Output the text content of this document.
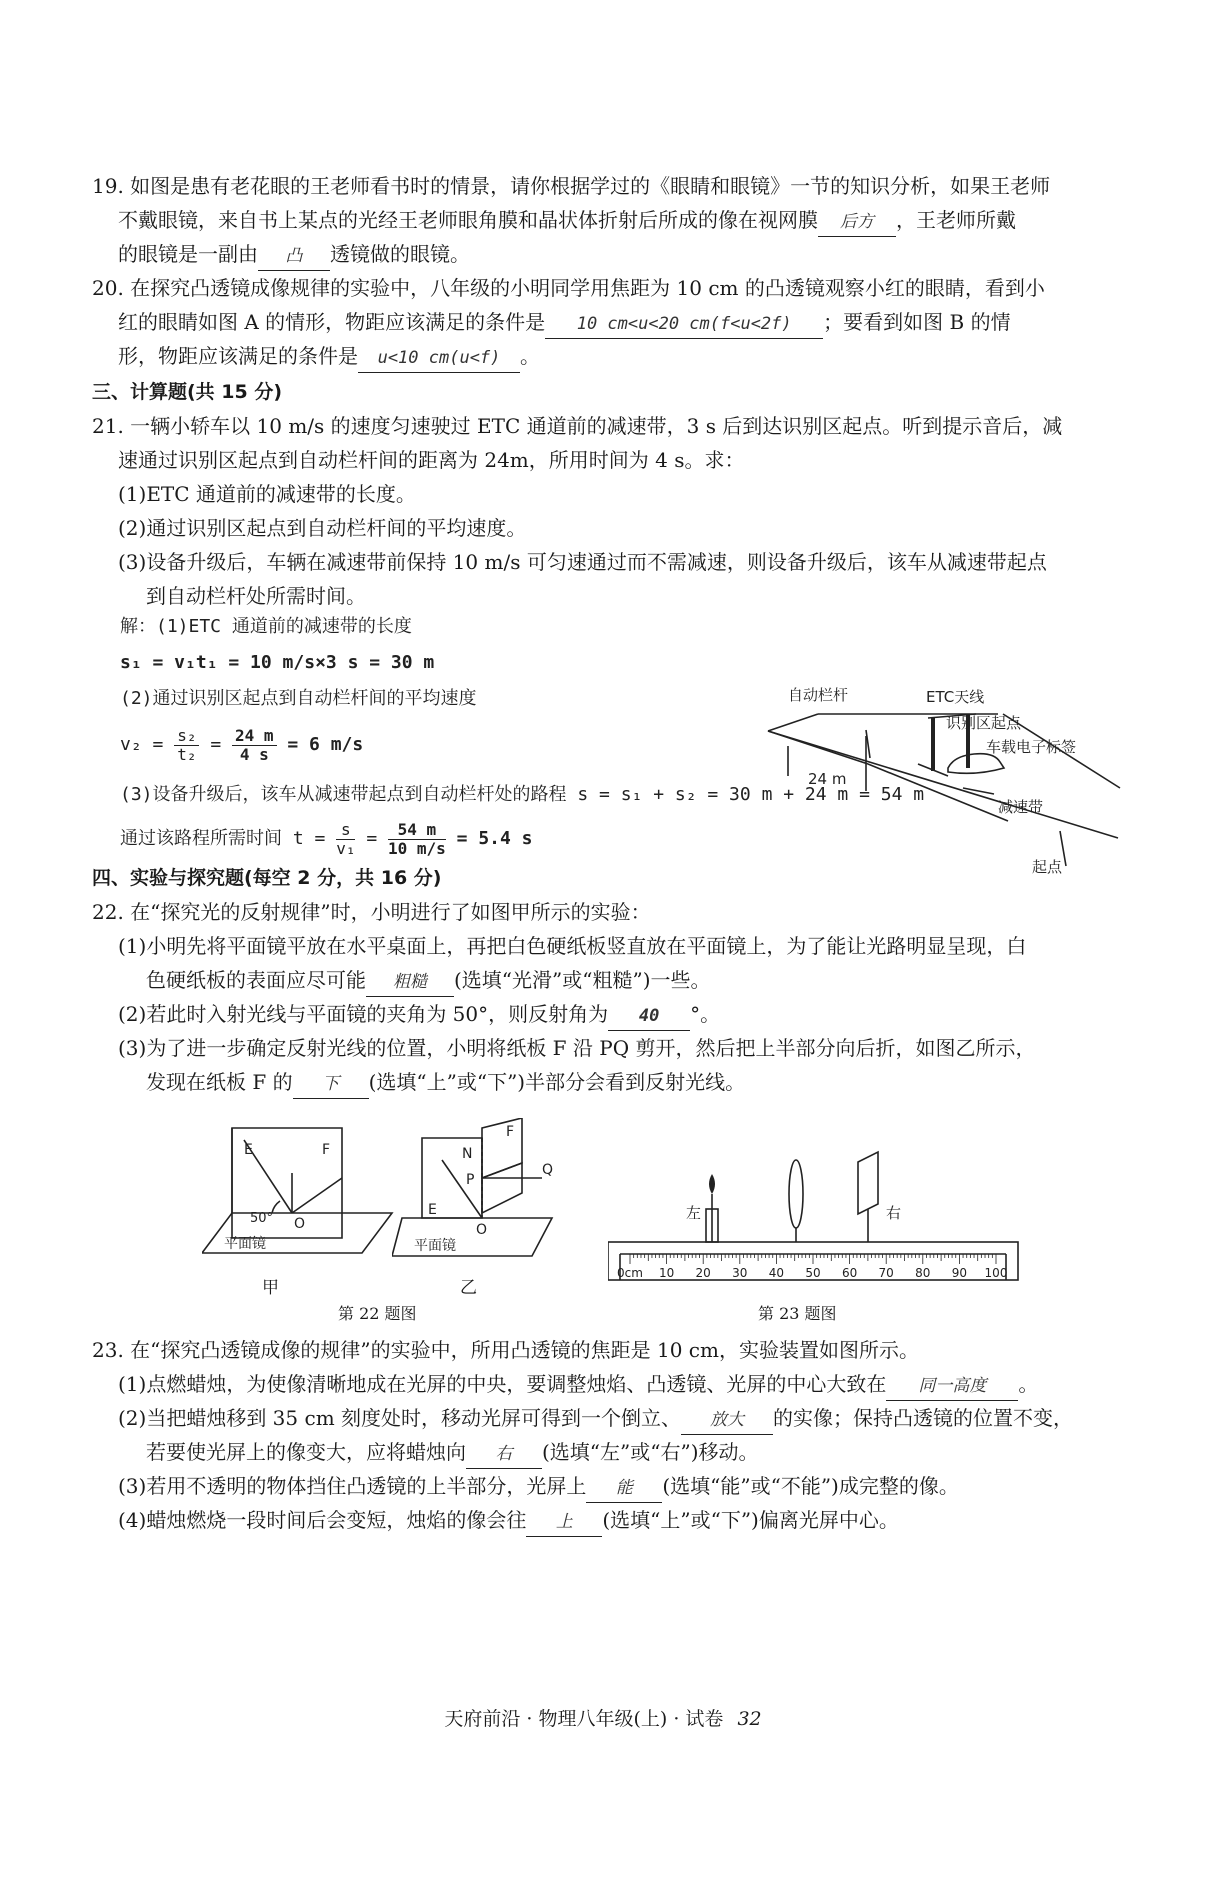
19. 如图是患有老花眼的王老师看书时的情景，请你根据学过的《眼睛和眼镜》一节的知识分析，如果王老师
不戴眼镜，来自书上某点的光经王老师眼角膜和晶状体折射后所成的像在视网膜 后方 ，王老师所戴
的眼镜是一副由 凸 透镜做的眼镜。
20. 在探究凸透镜成像规律的实验中，八年级的小明同学用焦距为 10 cm 的凸透镜观察小红的眼睛，看到小
红的眼睛如图 A 的情形，物距应该满足的条件是 10 cm<u<20 cm(f<u<2f) ；要看到如图 B 的情
形，物距应该满足的条件是 u<10 cm(u<f) 。
三、计算题(共 15 分)
21. 一辆小轿车以 10 m/s 的速度匀速驶过 ETC 通道前的减速带，3 s 后到达识别区起点。听到提示音后，减
速通过识别区起点到自动栏杆间的距离为 24m，所用时间为 4 s。求：
(1)ETC 通道前的减速带的长度。
(2)通过识别区起点到自动栏杆间的平均速度。
(3)设备升级后，车辆在减速带前保持 10 m/s 可匀速通过而不需减速，则设备升级后，该车从减速带起点
到自动栏杆处所需时间。
解：(1)ETC 通道前的减速带的长度
s₁ = v₁t₁ = 10 m/s×3 s = 30 m
(2)通过识别区起点到自动栏杆间的平均速度
$v_2 = \frac{\text{s₂}}{\text{t₂}} = \frac{24 m}{4 s} = 6$ m/s
(3)设备升级后，该车从减速带起点到自动栏杆处的路程 s = s₁ + s₂ = 30 m + 24 m = 54 m
通过该路程所需时间 $t = \frac{s}{\text{v₁}} = \frac{54 m}{10 m/s} = 5.4$ s
自动栏杆	ETC天线
识别区起点
车载电子标签
24 m
减速带
起点
四、实验与探究题(每空 2 分，共 16 分)
22. 在“探究光的反射规律”时，小明进行了如图甲所示的实验：
(1)小明先将平面镜平放在水平桌面上，再把白色硬纸板竖直放在平面镜上，为了能让光路明显呈现，白
色硬纸板的表面应尽可能 粗糙 (选填“光滑”或“粗糙”)一些。
(2)若此时入射光线与平面镜的夹角为 50°，则反射角为 40 °。
(3)为了进一步确定反射光线的位置，小明将纸板 F 沿 PQ 剪开，然后把上半部分向后折，如图乙所示，
发现在纸板 F 的 下 (选填“上”或“下”)半部分会看到反射光线。
E	F
50° O
平面镜
甲
E
F
N
P
Q
O
平面镜
乙
第 22 题图
0cm 10 20 30 40 50 60 70 80 90 100
左	右
第 23 题图
23. 在“探究凸透镜成像的规律”的实验中，所用凸透镜的焦距是 10 cm，实验装置如图所示。
(1)点燃蜡烛，为使像清晰地成在光屏的中央，要调整烛焰、凸透镜、光屏的中心大致在 同一高度 。
(2)当把蜡烛移到 35 cm 刻度处时，移动光屏可得到一个倒立、 放大 的实像；保持凸透镜的位置不变，
若要使光屏上的像变大，应将蜡烛向 右 (选填“左”或“右”)移动。
(3)若用不透明的物体挡住凸透镜的上半部分，光屏上 能 (选填“能”或“不能”)成完整的像。
(4)蜡烛燃烧一段时间后会变短，烛焰的像会往 上 (选填“上”或“下”)偏离光屏中心。
天府前沿 · 物理八年级(上) · 试卷 32
